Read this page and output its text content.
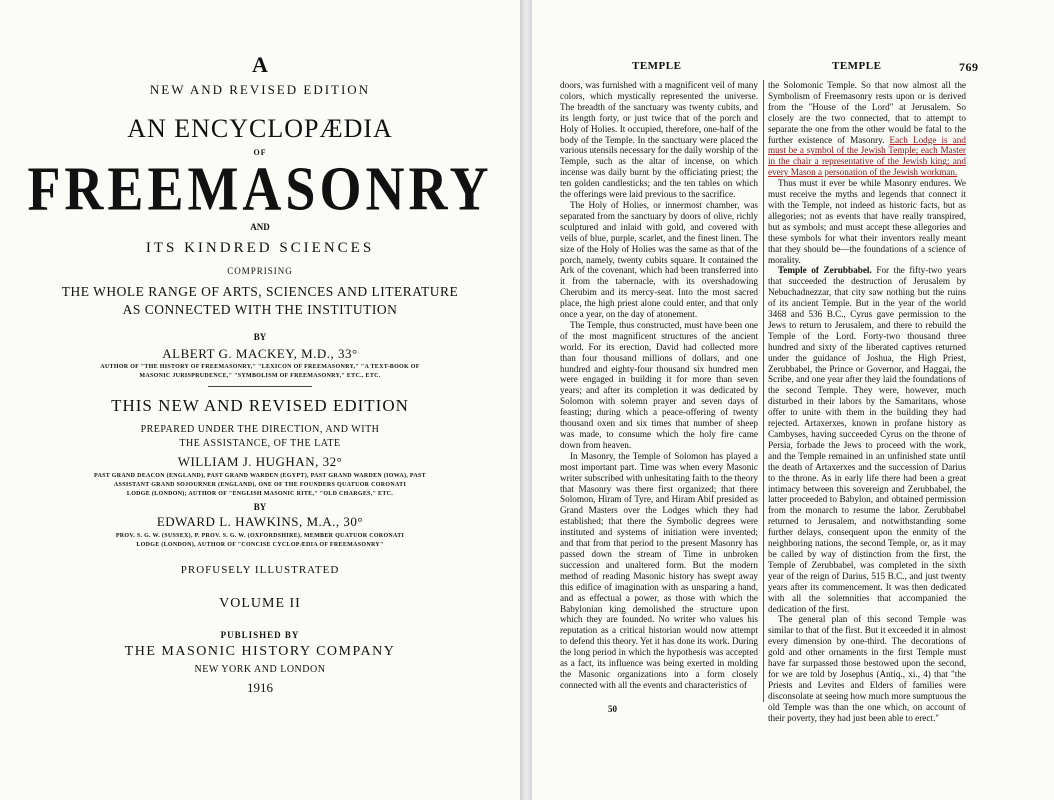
A
NEW AND REVISED EDITION
AN ENCYCLOPÆDIA
OF
FREEMASONRY
AND
ITS KINDRED SCIENCES
COMPRISING
THE WHOLE RANGE OF ARTS, SCIENCES AND LITERATURE
AS CONNECTED WITH THE INSTITUTION
BY
ALBERT G. MACKEY, M.D., 33°
AUTHOR OF "THE HISTORY OF FREEMASONRY," "LEXICON OF FREEMASONRY," "A TEXT-BOOK OF
MASONIC JURISPRUDENCE," "SYMBOLISM OF FREEMASONRY," ETC., ETC.
THIS NEW AND REVISED EDITION
PREPARED UNDER THE DIRECTION, AND WITH
THE ASSISTANCE, OF THE LATE
WILLIAM J. HUGHAN, 32°
PAST GRAND DEACON (ENGLAND), PAST GRAND WARDEN (EGYPT), PAST GRAND WARDEN (IOWA), PAST
ASSISTANT GRAND SOJOURNER (ENGLAND), ONE OF THE FOUNDERS QUATUOR CORONATI
LODGE (LONDON); AUTHOR OF "ENGLISH MASONIC RITE," "OLD CHARGES," ETC.
BY
EDWARD L. HAWKINS, M.A., 30°
PROV. S. G. W. (SUSSEX), P. PROV. S. G. W. (OXFORDSHIRE), MEMBER QUATUOR CORONATI
LODGE (LONDON), AUTHOR OF "CONCISE CYCLOPÆDIA OF FREEMASONRY"
PROFUSELY ILLUSTRATED
VOLUME II
PUBLISHED BY
THE MASONIC HISTORY COMPANY
NEW YORK AND LONDON
1916
TEMPLE	TEMPLE	769

doors, was furnished with a magnificent veil of many colors, which mystically represented the universe. The breadth of the sanctuary was twenty cubits, and its length forty, or just twice that of the porch and Holy of Holies. It occupied, therefore, one-half of the body of the Temple. In the sanctuary were placed the various utensils necessary for the daily worship of the Temple, such as the altar of incense, on which incense was daily burnt by the officiating priest; the ten golden candlesticks; and the ten tables on which the offerings were laid previous to the sacrifice.

The Holy of Holies, or innermost chamber, was separated from the sanctuary by doors of olive, richly sculptured and inlaid with gold, and covered with veils of blue, purple, scarlet, and the finest linen. The size of the Holy of Holies was the same as that of the porch, namely, twenty cubits square. It contained the Ark of the covenant, which had been transferred into it from the tabernacle, with its overshadowing Cherubim and its mercy-seat. Into the most sacred place, the high priest alone could enter, and that only once a year, on the day of atonement.

The Temple, thus constructed, must have been one of the most magnificent structures of the ancient world. For its erection, David had collected more than four thousand millions of dollars, and one hundred and eighty-four thousand six hundred men were engaged in building it for more than seven years; and after its completion it was dedicated by Solomon with solemn prayer and seven days of feasting; during which a peace-offering of twenty thousand oxen and six times that number of sheep was made, to consume which the holy fire came down from heaven.

In Masonry, the Temple of Solomon has played a most important part. Time was when every Masonic writer subscribed with unhesitating faith to the theory that Masonry was there first organized; that there Solomon, Hiram of Tyre, and Hiram Abif presided as Grand Masters over the Lodges which they had established; that there the Symbolic degrees were instituted and systems of initiation were invented; and that from that period to the present Masonry has passed down the stream of Time in unbroken succession and unaltered form. But the modern method of reading Masonic history has swept away this edifice of imagination with as unsparing a hand, and as effectual a power, as those with which the Babylonian king demolished the structure upon which they are founded. No writer who values his reputation as a critical historian would now attempt to defend this theory. Yet it has done its work. During the long period in which the hypothesis was accepted as a fact, its influence was being exerted in molding the Masonic organizations into a form closely connected with all the events and characteristics of

the Solomonic Temple. So that now almost all the Symbolism of Freemasonry rests upon or is derived from the "House of the Lord" at Jerusalem. So closely are the two connected, that to attempt to separate the one from the other would be fatal to the further existence of Masonry. Each Lodge is and must be a symbol of the Jewish Temple; each Master in the chair a representative of the Jewish king; and every Mason a personation of the Jewish workman.

Thus must it ever be while Masonry endures. We must receive the myths and legends that connect it with the Temple, not indeed as historic facts, but as allegories; not as events that have really transpired, but as symbols; and must accept these allegories and these symbols for what their inventors really meant that they should be—the foundations of a science of morality.

Temple of Zerubbabel. For the fifty-two years that succeeded the destruction of Jerusalem by Nebuchadnezzar, that city saw nothing but the ruins of its ancient Temple. But in the year of the world 3468 and 536 B.C., Cyrus gave permission to the Jews to return to Jerusalem, and there to rebuild the Temple of the Lord. Forty-two thousand three hundred and sixty of the liberated captives returned under the guidance of Joshua, the High Priest, Zerubbabel, the Prince or Governor, and Haggai, the Scribe, and one year after they laid the foundations of the second Temple. They were, however, much disturbed in their labors by the Samaritans, whose offer to unite with them in the building they had rejected. Artaxerxes, known in profane history as Cambyses, having succeeded Cyrus on the throne of Persia, forbade the Jews to proceed with the work, and the Temple remained in an unfinished state until the death of Artaxerxes and the succession of Darius to the throne. As in early life there had been a great intimacy between this sovereign and Zerubbabel, the latter proceeded to Babylon, and obtained permission from the monarch to resume the labor. Zerubbabel returned to Jerusalem, and notwithstanding some further delays, consequent upon the enmity of the neighboring nations, the second Temple, or, as it may be called by way of distinction from the first, the Temple of Zerubbabel, was completed in the sixth year of the reign of Darius, 515 B.C., and just twenty years after its commencement. It was then dedicated with all the solemnities that accompanied the dedication of the first.

The general plan of this second Temple was similar to that of the first. But it exceeded it in almost every dimension by one-third. The decorations of gold and other ornaments in the first Temple must have far surpassed those bestowed upon the second, for we are told by Josephus (Antiq., xi., 4) that "the Priests and Levites and Elders of families were disconsolate at seeing how much more sumptuous the old Temple was than the one which, on account of their poverty, they had just been able to erect."

50
